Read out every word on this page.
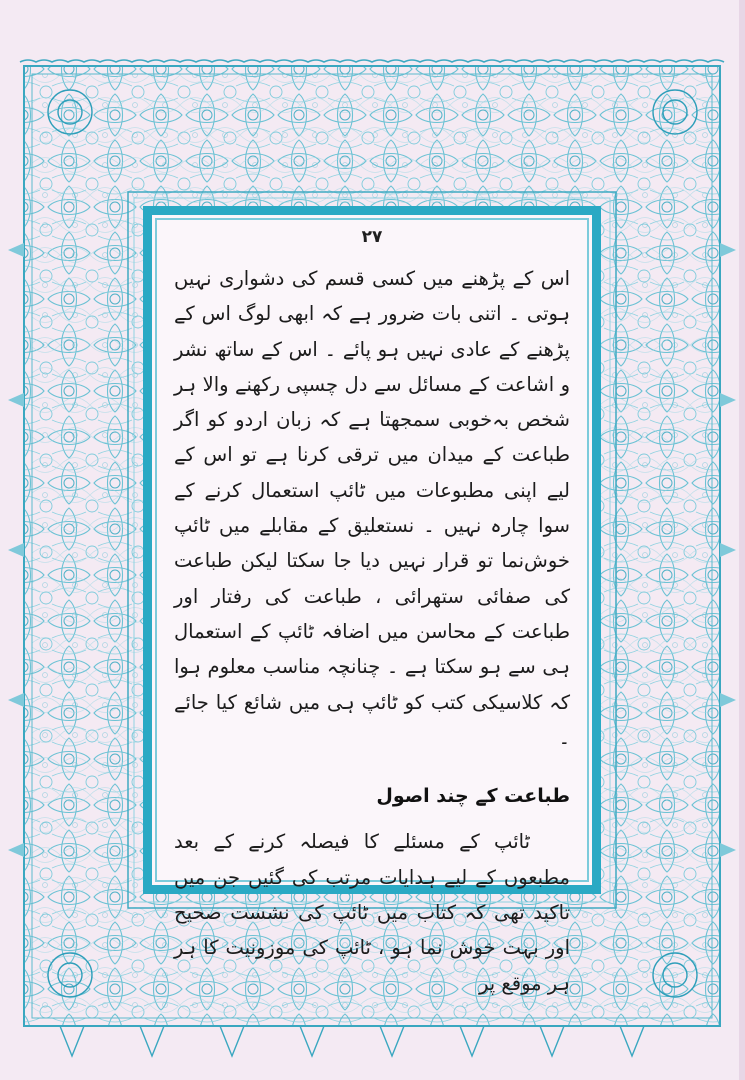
۲۷

اس کے پڑھنے میں کسی قسم کی دشواری نہیں ہوتی ۔ اتنی بات ضرور ہے کہ ابھی لوگ اس کے پڑھنے کے عادی نہیں ہو پائے ۔ اس کے ساتھ نشر و اشاعت کے مسائل سے دل چسپی رکھنے والا ہر شخص بہ‌خوبی سمجھتا ہے کہ زبان اردو کو اگر طباعت کے میدان میں ترقی کرنا ہے تو اس کے لیے اپنی مطبوعات میں ٹائپ استعمال کرنے کے سوا چارہ نہیں ۔ نستعلیق کے مقابلے میں ٹائپ خوش‌نما تو قرار نہیں دیا جا سکتا لیکن طباعت کی صفائی ستھرائی ، طباعت کی رفتار اور طباعت کے محاسن میں اضافہ ٹائپ کے استعمال ہی سے ہو سکتا ہے ۔ چنانچہ مناسب معلوم ہوا کہ کلاسیکی کتب کو ٹائپ ہی میں شائع کیا جائے ۔

طباعت کے چند اصول

ٹائپ کے مسئلے کا فیصلہ کرنے کے بعد مطبعوں کے لیے ہدایات مرتب کی گئیں جن میں تاکید تھی کہ کتاب میں ٹائپ کی نشست صحیح اور بہت خوش نما ہو ، ٹائپ کی موزونیت کا ہر ہر موقع پر
